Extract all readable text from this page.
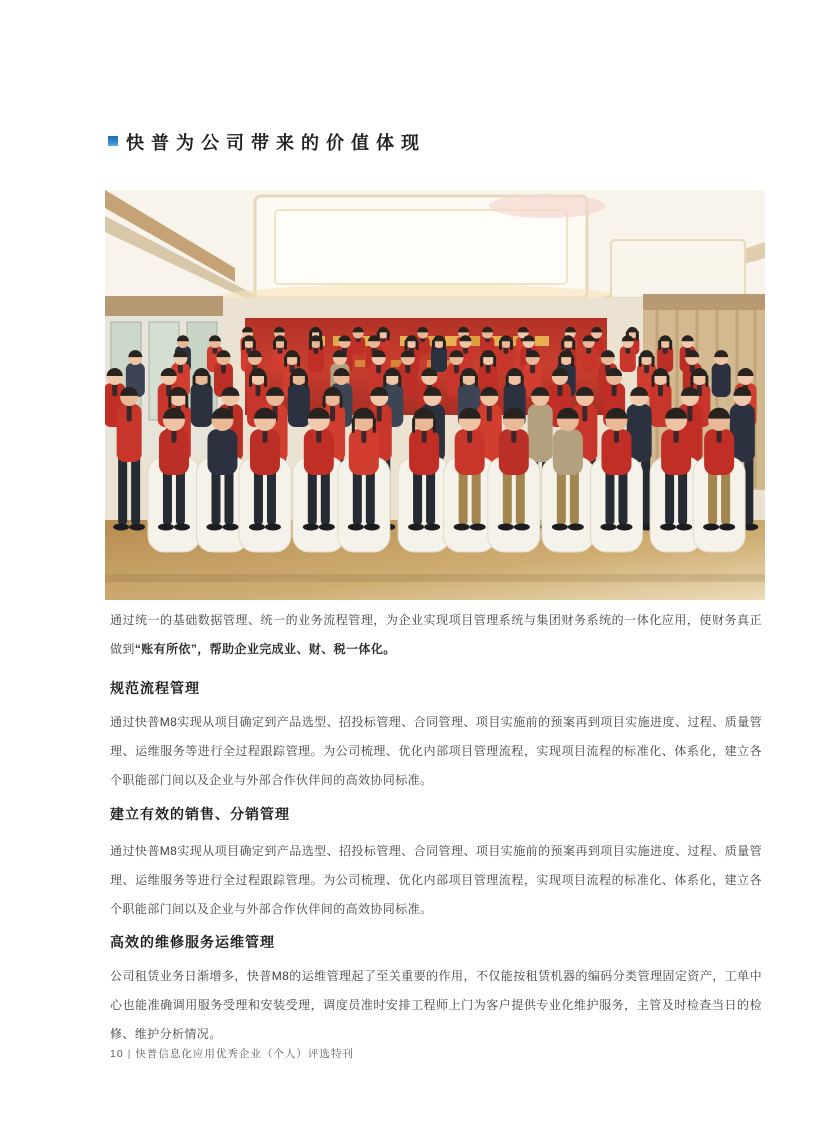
快普为公司带来的价值体现

通过统一的基础数据管理、统一的业务流程管理，为企业实现项目管理系统与集团财务系统的一体化应用，使财务真正做到“账有所依”，帮助企业完成业、财、税一体化。

规范流程管理

通过快普M8实现从项目确定到产品选型、招投标管理、合同管理、项目实施前的预案再到项目实施进度、过程、质量管理、运维服务等进行全过程跟踪管理。为公司梳理、优化内部项目管理流程，实现项目流程的标准化、体系化，建立各个职能部门间以及企业与外部合作伙伴间的高效协同标准。

建立有效的销售、分销管理

通过快普M8实现从项目确定到产品选型、招投标管理、合同管理、项目实施前的预案再到项目实施进度、过程、质量管理、运维服务等进行全过程跟踪管理。为公司梳理、优化内部项目管理流程，实现项目流程的标准化、体系化，建立各个职能部门间以及企业与外部合作伙伴间的高效协同标准。

高效的维修服务运维管理

公司租赁业务日渐增多，快普M8的运维管理起了至关重要的作用，不仅能按租赁机器的编码分类管理固定资产，工单中心也能准确调用服务受理和安装受理，调度员准时安排工程师上门为客户提供专业化维护服务，主管及时检查当日的检修、维护分析情况。

10 | 快普信息化应用优秀企业（个人）评选特刊
